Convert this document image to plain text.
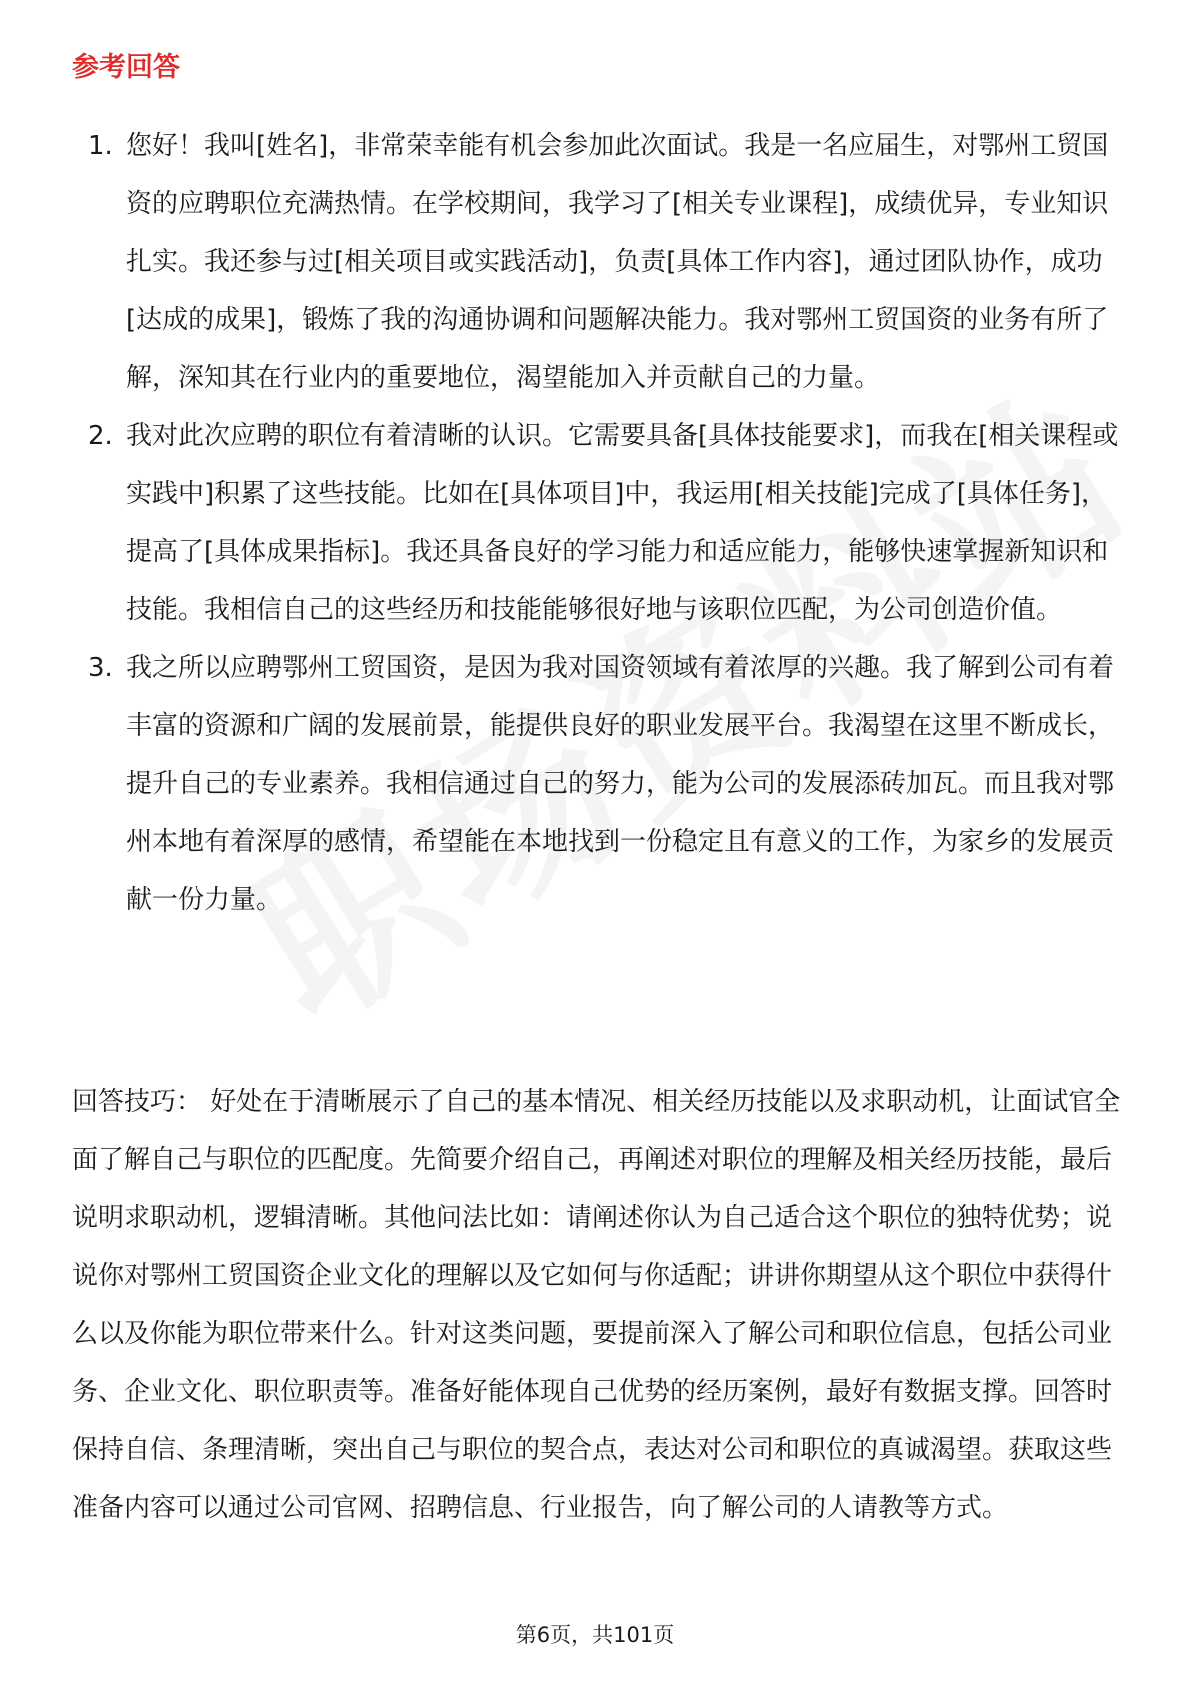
参考回答
1. 您好！我叫[姓名]，非常荣幸能有机会参加此次面试。我是一名应届生，对鄂州工贸国资的应聘职位充满热情。在学校期间，我学习了[相关专业课程]，成绩优异，专业知识扎实。我还参与过[相关项目或实践活动]，负责[具体工作内容]，通过团队协作，成功[达成的成果]，锻炼了我的沟通协调和问题解决能力。我对鄂州工贸国资的业务有所了解，深知其在行业内的重要地位，渴望能加入并贡献自己的力量。
2. 我对此次应聘的职位有着清晰的认识。它需要具备[具体技能要求]，而我在[相关课程或实践中]积累了这些技能。比如在[具体项目]中，我运用[相关技能]完成了[具体任务]，提高了[具体成果指标]。我还具备良好的学习能力和适应能力，能够快速掌握新知识和技能。我相信自己的这些经历和技能能够很好地与该职位匹配，为公司创造价值。
3. 我之所以应聘鄂州工贸国资，是因为我对国资领域有着浓厚的兴趣。我了解到公司有着丰富的资源和广阔的发展前景，能提供良好的职业发展平台。我渴望在这里不断成长，提升自己的专业素养。我相信通过自己的努力，能为公司的发展添砖加瓦。而且我对鄂州本地有着深厚的感情，希望能在本地找到一份稳定且有意义的工作，为家乡的发展贡献一份力量。

回答技巧： 好处在于清晰展示了自己的基本情况、相关经历技能以及求职动机，让面试官全面了解自己与职位的匹配度。先简要介绍自己，再阐述对职位的理解及相关经历技能，最后说明求职动机，逻辑清晰。其他问法比如：请阐述你认为自己适合这个职位的独特优势；说说你对鄂州工贸国资企业文化的理解以及它如何与你适配；讲讲你期望从这个职位中获得什么以及你能为职位带来什么。针对这类问题，要提前深入了解公司和职位信息，包括公司业务、企业文化、职位职责等。准备好能体现自己优势的经历案例，最好有数据支撑。回答时保持自信、条理清晰，突出自己与职位的契合点，表达对公司和职位的真诚渴望。获取这些准备内容可以通过公司官网、招聘信息、行业报告，向了解公司的人请教等方式。

第6页，共101页
